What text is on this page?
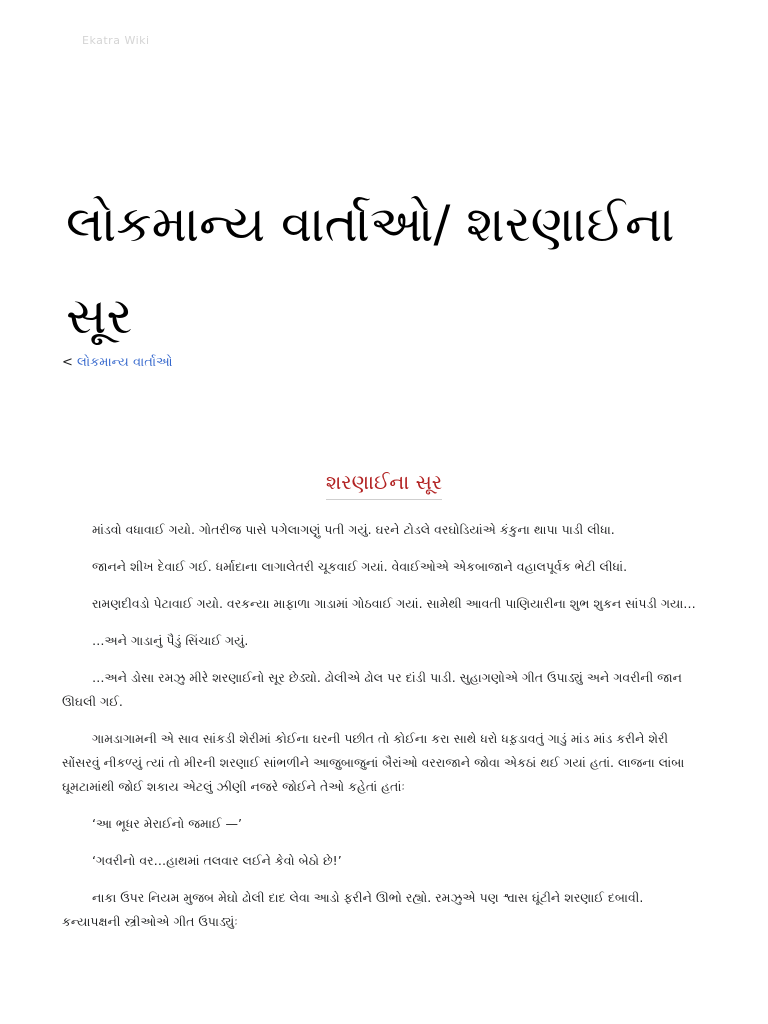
Ekatra Wiki
લોકમાન્ય વાર્તાઓ/ શરણાઈના સૂર
< લોકમાન્ય વાર્તાઓ
શરણાઈના સૂર

માંડવો વધાવાઈ ગયો. ગોતરીજ પાસે પગેલાગણું પતી ગયું. ઘરને ટોડલે વરઘોડિયાંએ કંકુના થાપા પાડી લીધા.

જાનને શીખ દેવાઈ ગઈ. ધર્માદાના લાગાલેતરી ચૂકવાઈ ગયાં. વેવાઈઓએ એકબાજાને વહાલપૂર્વક ભેટી લીધાં.

રામણદીવડો પેટાવાઈ ગયો. વરકન્યા માફાળા ગાડામાં ગોઠવાઈ ગયાં. સામેથી આવતી પાણિયારીના શુભ શુકન સાંપડી ગયા…

…અને ગાડાનું પૈડું સિંચાઈ ગયું.

…અને ડોસા રમઝુ મીરે શરણાઈનો સૂર છેડ્યો. ઢોલીએ ઢોલ પર દાંડી પાડી. સુહાગણોએ ગીત ઉપાડ્યું અને ગવરીની જાન ઊઘલી ગઈ.

ગામડાગામની એ સાવ સાંકડી શેરીમાં કોઈના ઘરની પછીત તો કોઈના કરા સાથે ધરો ધફ઼ડાવતું ગાડું માંડ માંડ કરીને શેરી સોંસરવું નીકળ્યું ત્યાં તો મીરની શરણાઈ સાંભળીને આજુબાજુનાં બૈરાંઓ વરરાજાને જોવા એકઠાં થઈ ગયાં હતાં. લાજના લાંબા ઘૂમટામાંથી જોઈ શકાય એટલું ઝીણી નજરે જોઈને તેઓ કહેતાં હતાંઃ

‘આ ભૂધર મેરાઈનો જમાઈ —’

‘ગવરીનો વર…હાથમાં તલવાર લઈને કેવો બેઠો છે!’

નાકા ઉપર નિયમ મુજબ મેઘો ઢોલી દાદ લેવા આડો ફરીને ઊભો રહ્યો. રમઝુએ પણ શ્વાસ ઘૂંટીને શરણાઈ દબાવી. કન્યાપક્ષની સ્ત્રીઓએ ગીત ઉપાડ્યુંઃ
